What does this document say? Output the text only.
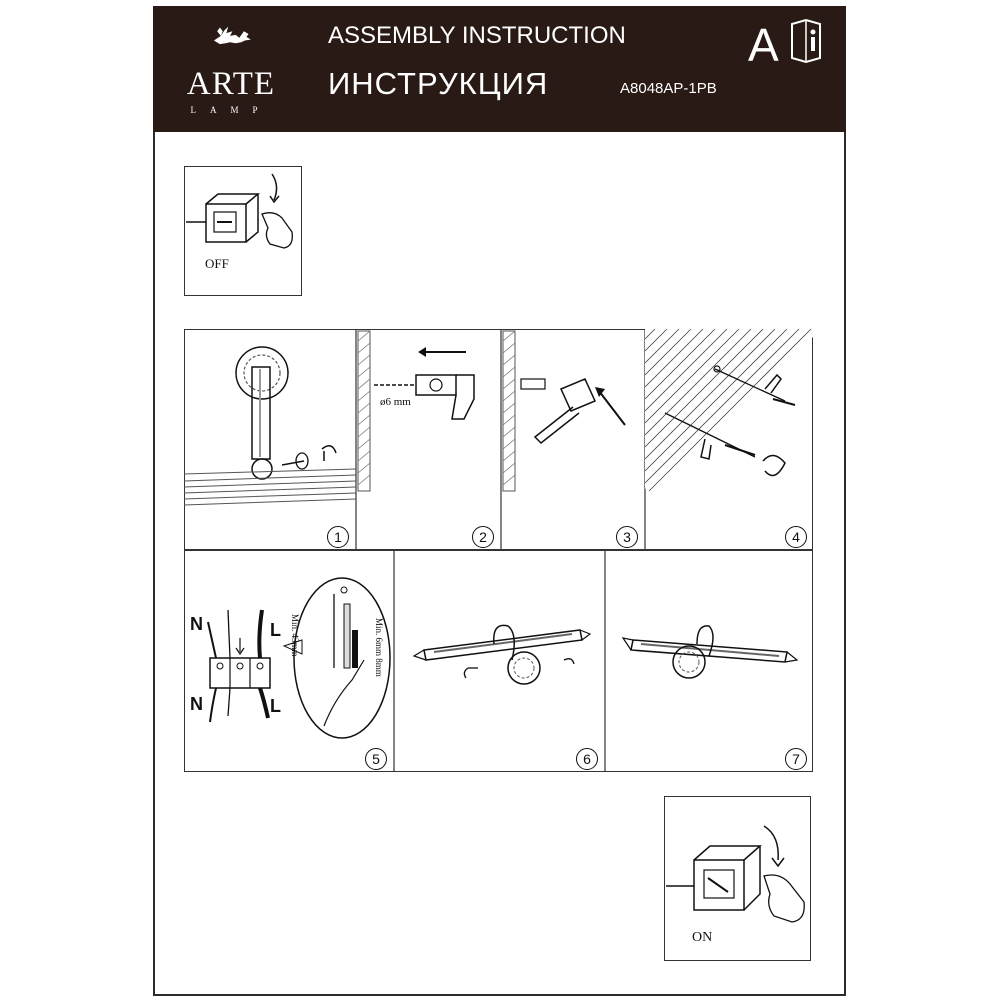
ARTE
LAMP
ASSEMBLY INSTRUCTION
ИНСТРУКЦИЯ	A8048AP-1PB
A
OFF
1
ø6 mm
2	3	4
N	L
N	L
Min. 43mm	Min. 6mm 8mm
5	6	7
ON
